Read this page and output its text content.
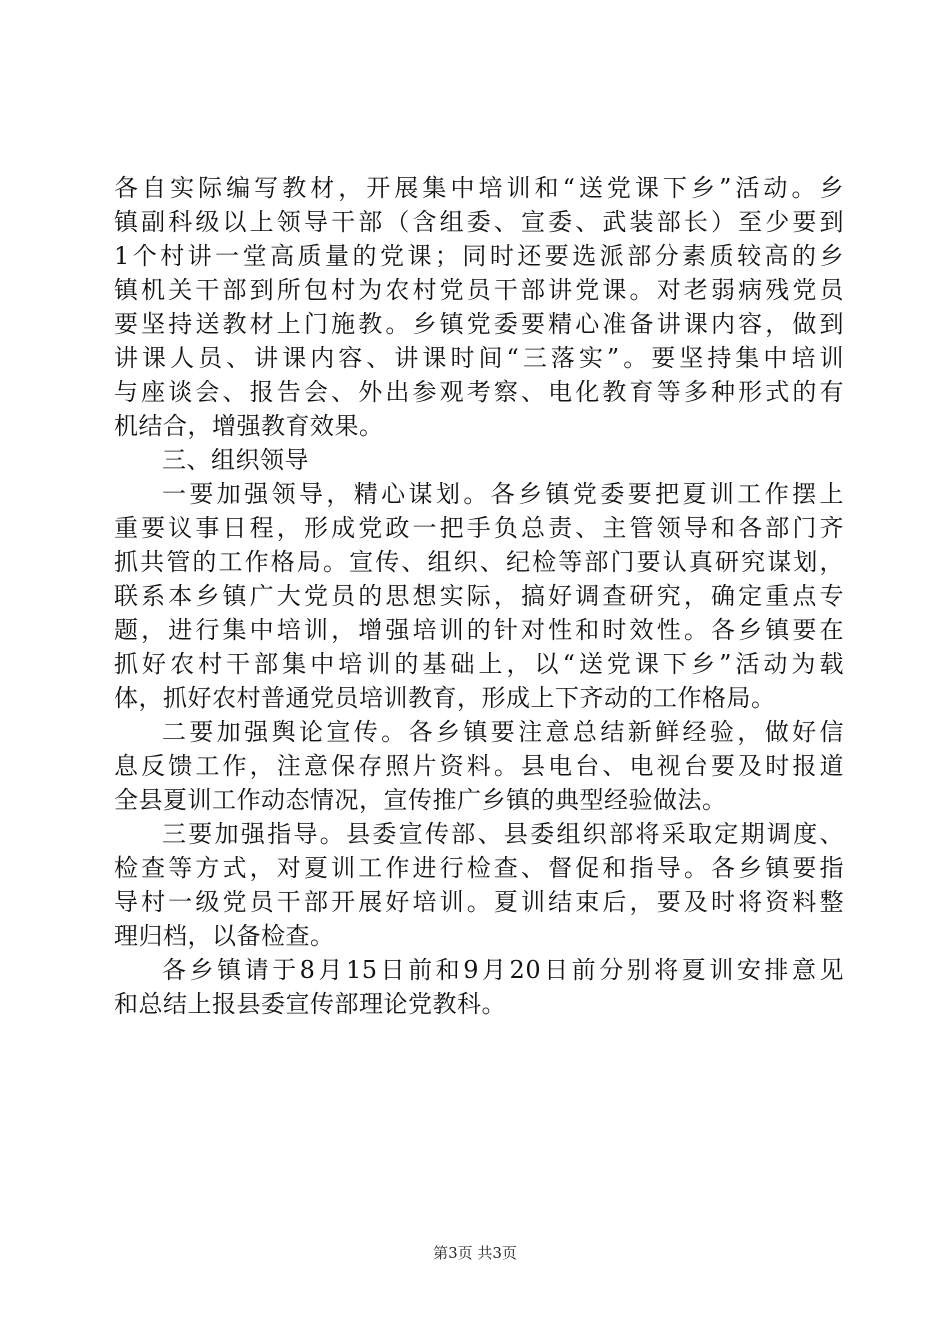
各自实际编写教材，开展集中培训和“送党课下乡”活动。乡
镇副科级以上领导干部（含组委、宣委、武装部长）至少要到
1个村讲一堂高质量的党课；同时还要选派部分素质较高的乡
镇机关干部到所包村为农村党员干部讲党课。对老弱病残党员
要坚持送教材上门施教。乡镇党委要精心准备讲课内容，做到
讲课人员、讲课内容、讲课时间“三落实”。要坚持集中培训
与座谈会、报告会、外出参观考察、电化教育等多种形式的有
机结合，增强教育效果。
三、组织领导
一要加强领导，精心谋划。各乡镇党委要把夏训工作摆上
重要议事日程，形成党政一把手负总责、主管领导和各部门齐
抓共管的工作格局。宣传、组织、纪检等部门要认真研究谋划，
联系本乡镇广大党员的思想实际，搞好调查研究，确定重点专
题，进行集中培训，增强培训的针对性和时效性。各乡镇要在
抓好农村干部集中培训的基础上，以“送党课下乡”活动为载
体，抓好农村普通党员培训教育，形成上下齐动的工作格局。
二要加强舆论宣传。各乡镇要注意总结新鲜经验，做好信
息反馈工作，注意保存照片资料。县电台、电视台要及时报道
全县夏训工作动态情况，宣传推广乡镇的典型经验做法。
三要加强指导。县委宣传部、县委组织部将采取定期调度、
检查等方式，对夏训工作进行检查、督促和指导。各乡镇要指
导村一级党员干部开展好培训。夏训结束后，要及时将资料整
理归档，以备检查。
各乡镇请于8月15日前和9月20日前分别将夏训安排意见
和总结上报县委宣传部理论党教科。
第3页 共3页
